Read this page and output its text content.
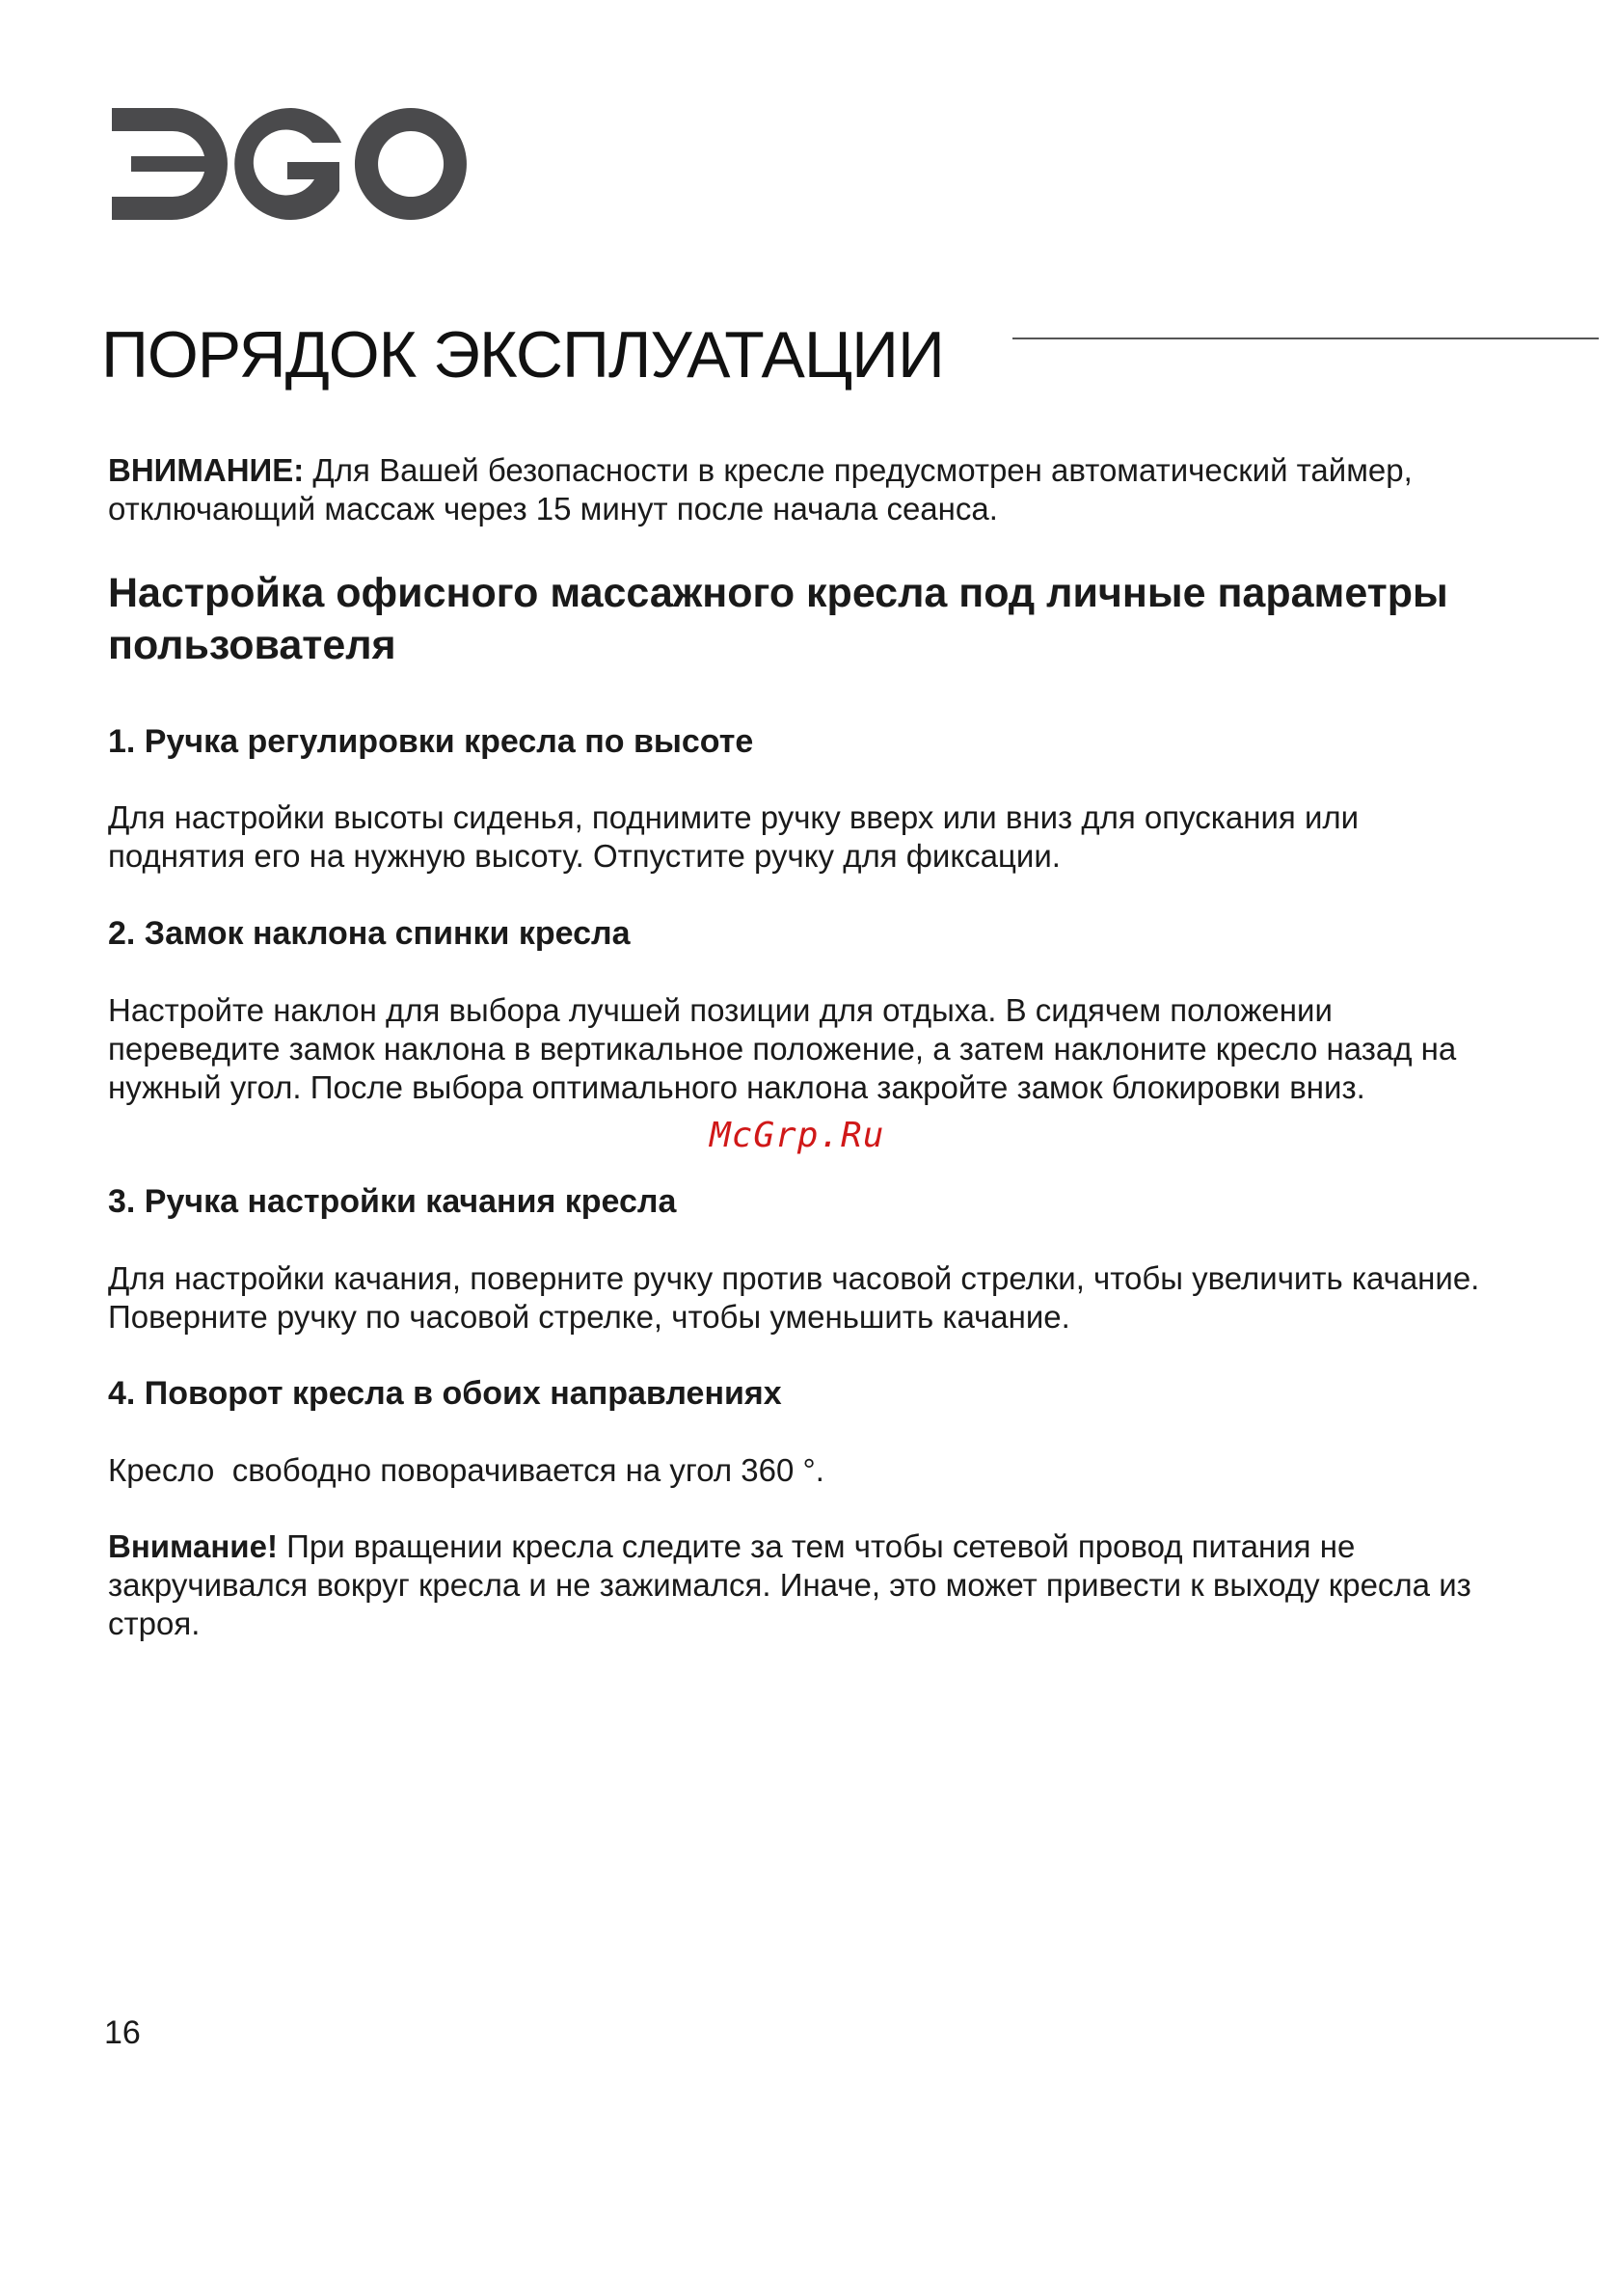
ПОРЯДОК ЭКСПЛУАТАЦИИ

ВНИМАНИЕ: Для Вашей безопасности в кресле предусмотрен автоматический таймер, отключающий массаж через 15 минут после начала сеанса.

Настройка офисного массажного кресла под личные параметры пользователя
1. Ручка регулировки кресла по высоте

Для настройки высоты сиденья, поднимите ручку вверх или вниз для опускания или поднятия его на нужную высоту. Отпустите ручку для фиксации.

2. Замок наклона спинки кресла

Настройте наклон для выбора лучшей позиции для отдыха. В сидячем положении переведите замок наклона в вертикальное положение, а затем наклоните кресло назад на нужный угол. После выбора оптимального наклона закройте замок блокировки вниз.

McGrp.Ru
3. Ручка настройки качания кресла

Для настройки качания, поверните ручку против часовой стрелки, чтобы увеличить качание. Поверните ручку по часовой стрелке, чтобы уменьшить качание.

4. Поворот кресла в обоих направлениях

Кресло  свободно поворачивается на угол 360 °.

Внимание! При вращении кресла следите за тем чтобы сетевой провод питания не закручивался вокруг кресла и не зажимался. Иначе, это может привести к выходу кресла из строя.

16
